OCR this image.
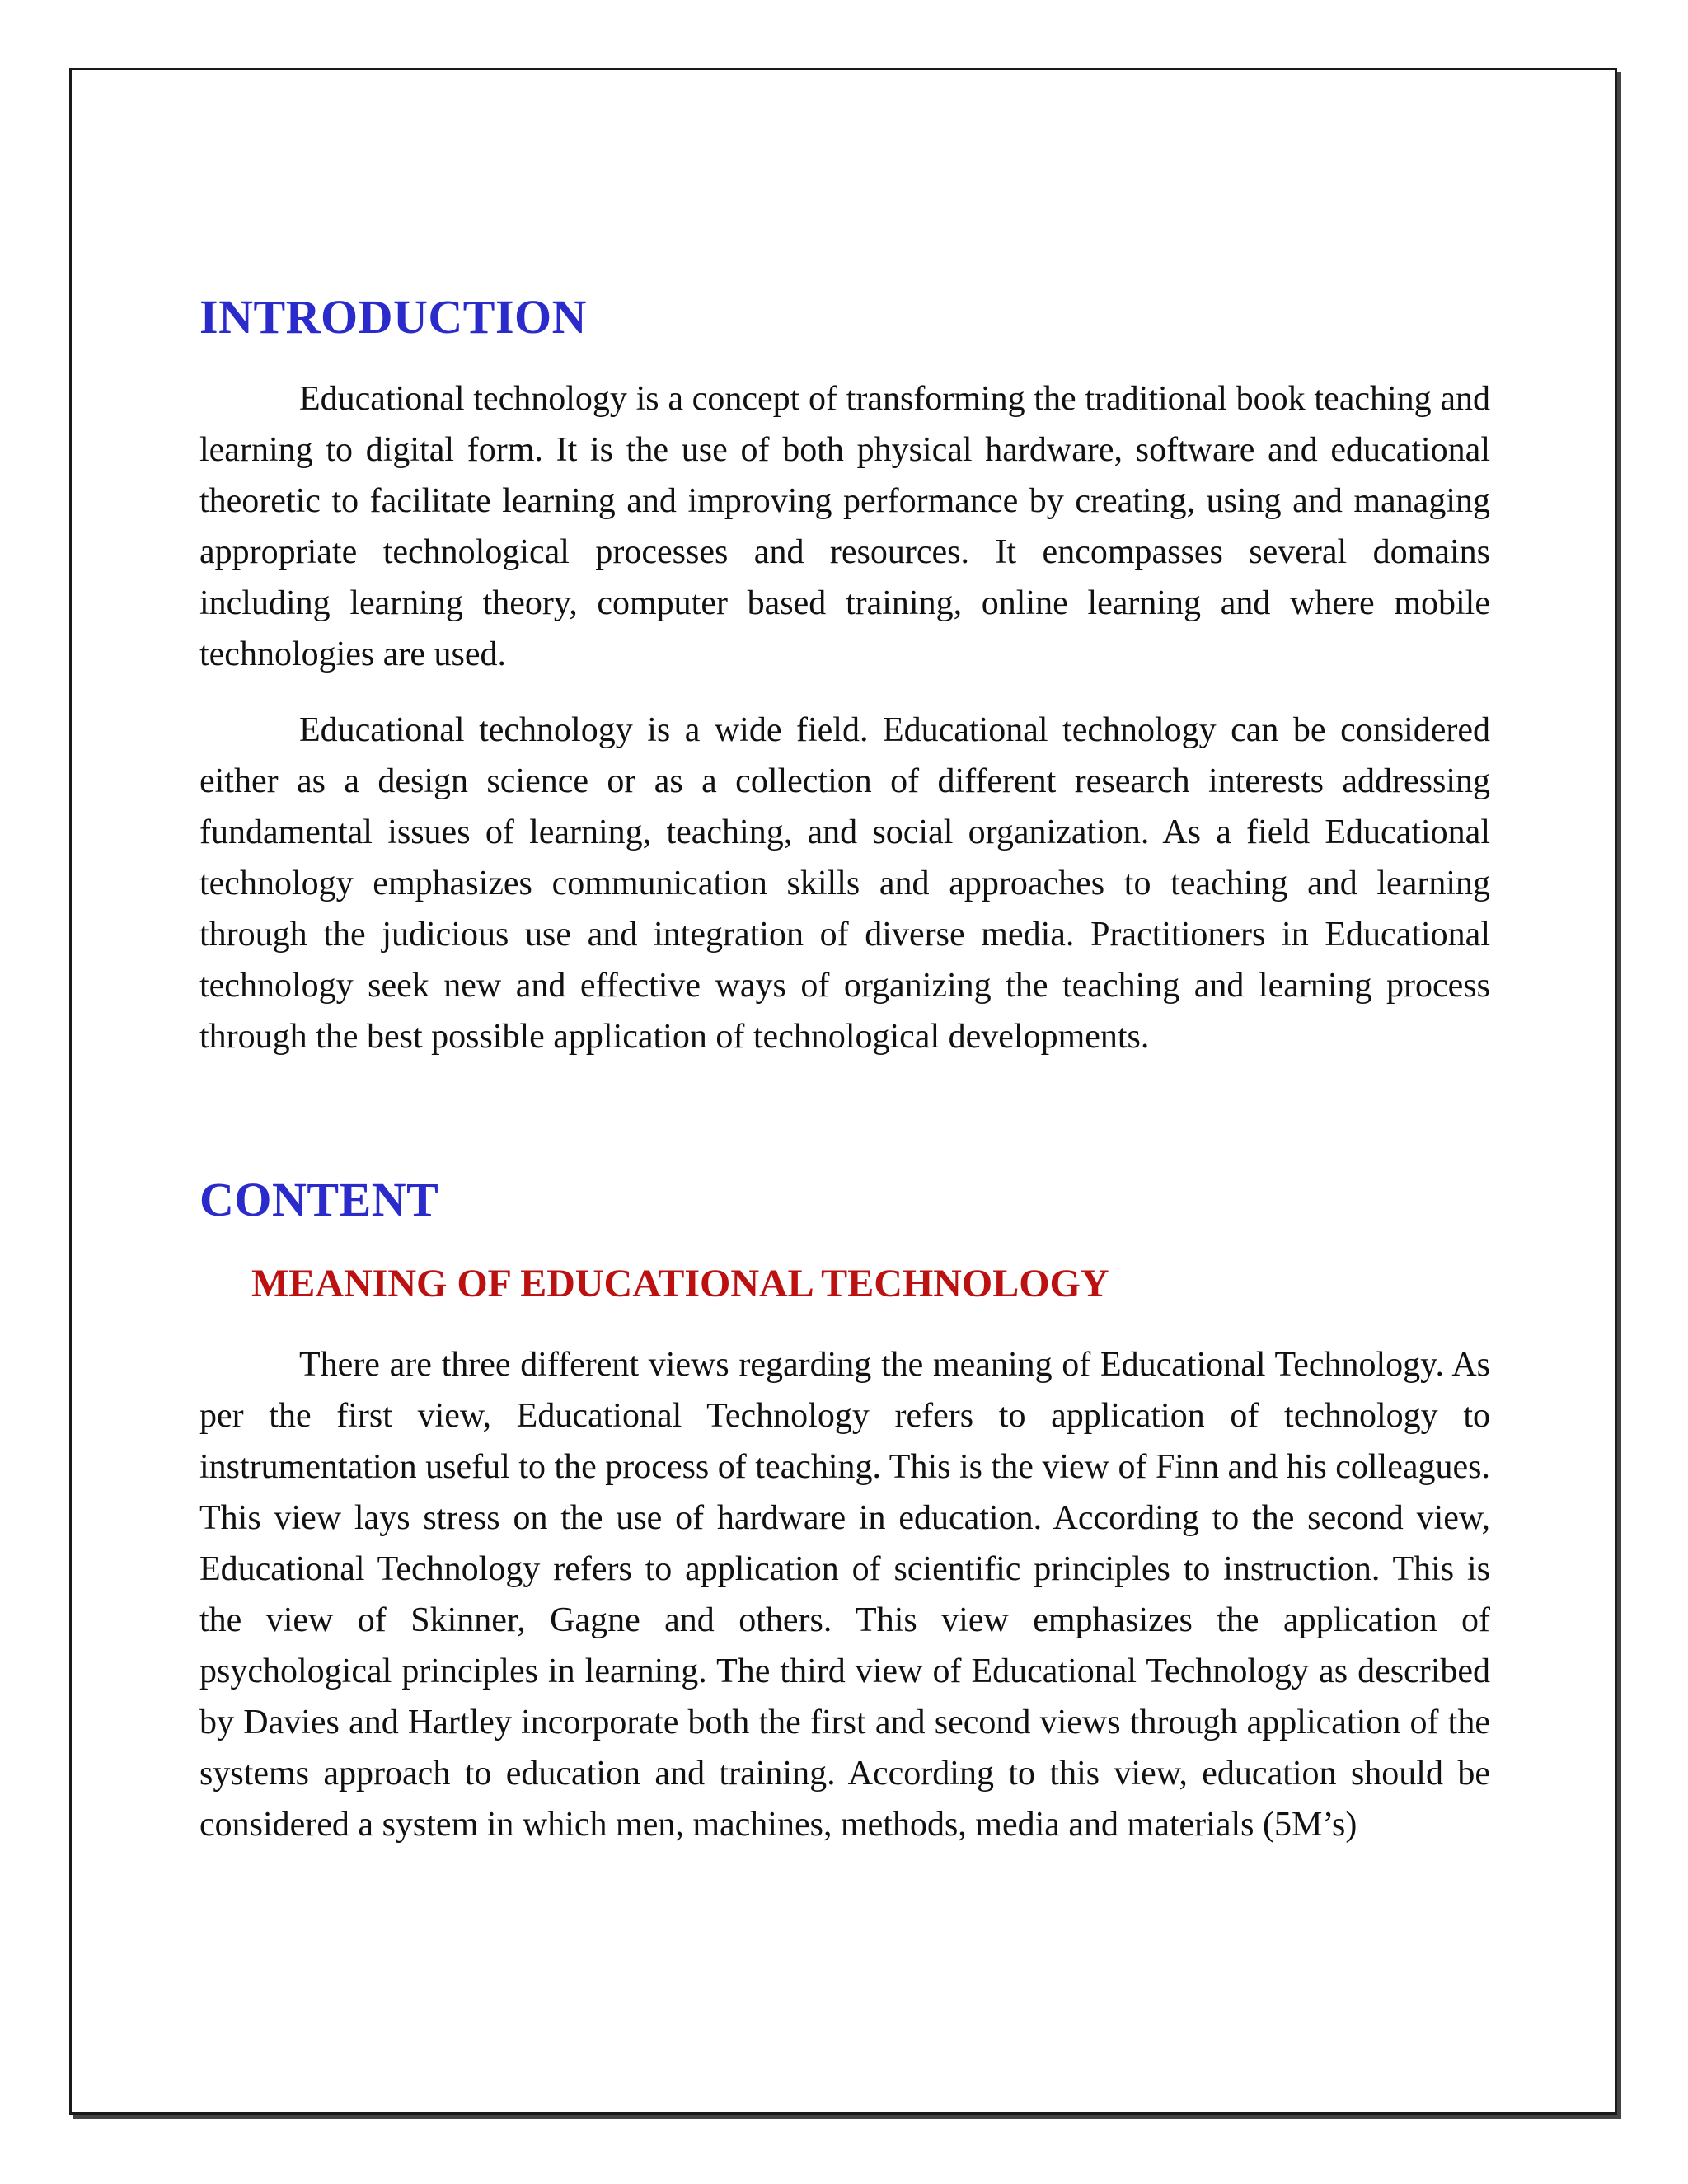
INTRODUCTION

Educational technology is a concept of transforming the traditional book teaching and learning to digital form. It is the use of both physical hardware, software and educational theoretic to facilitate learning and improving performance by creating, using and managing appropriate technological processes and resources. It encompasses several domains including learning theory, computer based training, online learning and where mobile technologies are used.

Educational technology is a wide field. Educational technology can be considered either as a design science or as a collection of different research interests addressing fundamental issues of learning, teaching, and social organization. As a field Educational technology emphasizes communication skills and approaches to teaching and learning through the judicious use and integration of diverse media. Practitioners in Educational technology seek new and effective ways of organizing the teaching and learning process through the best possible application of technological developments.

CONTENT
MEANING OF EDUCATIONAL TECHNOLOGY

There are three different views regarding the meaning of Educational Technology. As per the first view, Educational Technology refers to application of technology to instrumentation useful to the process of teaching. This is the view of Finn and his colleagues. This view lays stress on the use of hardware in education. According to the second view, Educational Technology refers to application of scientific principles to instruction. This is the view of Skinner, Gagne and others. This view emphasizes the application of psychological principles in learning. The third view of Educational Technology as described by Davies and Hartley incorporate both the first and second views through application of the systems approach to education and training. According to this view, education should be considered a system in which men, machines, methods, media and materials (5M’s)
